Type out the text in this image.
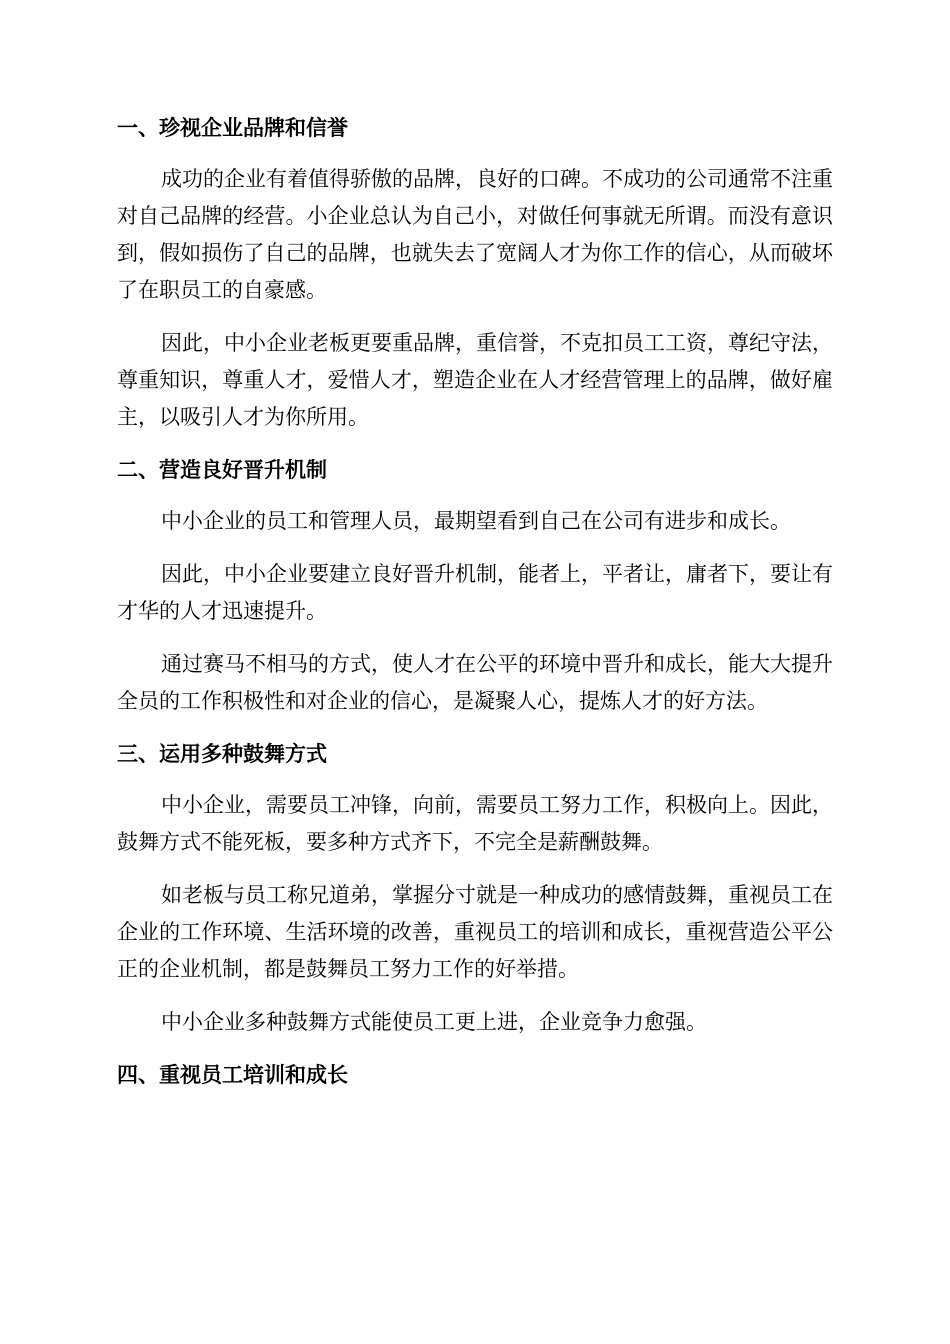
一、珍视企业品牌和信誉

成功的企业有着值得骄傲的品牌，良好的口碑。不成功的公司通常不注重对自己品牌的经营。小企业总认为自己小，对做任何事就无所谓。而没有意识到，假如损伤了自己的品牌，也就失去了宽阔人才为你工作的信心，从而破坏了在职员工的自豪感。

因此，中小企业老板更要重品牌，重信誉，不克扣员工工资，尊纪守法，尊重知识，尊重人才，爱惜人才，塑造企业在人才经营管理上的品牌，做好雇主，以吸引人才为你所用。

二、营造良好晋升机制

中小企业的员工和管理人员，最期望看到自己在公司有进步和成长。

因此，中小企业要建立良好晋升机制，能者上，平者让，庸者下，要让有才华的人才迅速提升。

通过赛马不相马的方式，使人才在公平的环境中晋升和成长，能大大提升全员的工作积极性和对企业的信心，是凝聚人心，提炼人才的好方法。

三、运用多种鼓舞方式

中小企业，需要员工冲锋，向前，需要员工努力工作，积极向上。因此，鼓舞方式不能死板，要多种方式齐下，不完全是薪酬鼓舞。

如老板与员工称兄道弟，掌握分寸就是一种成功的感情鼓舞，重视员工在企业的工作环境、生活环境的改善，重视员工的培训和成长，重视营造公平公正的企业机制，都是鼓舞员工努力工作的好举措。

中小企业多种鼓舞方式能使员工更上进，企业竞争力愈强。

四、重视员工培训和成长
